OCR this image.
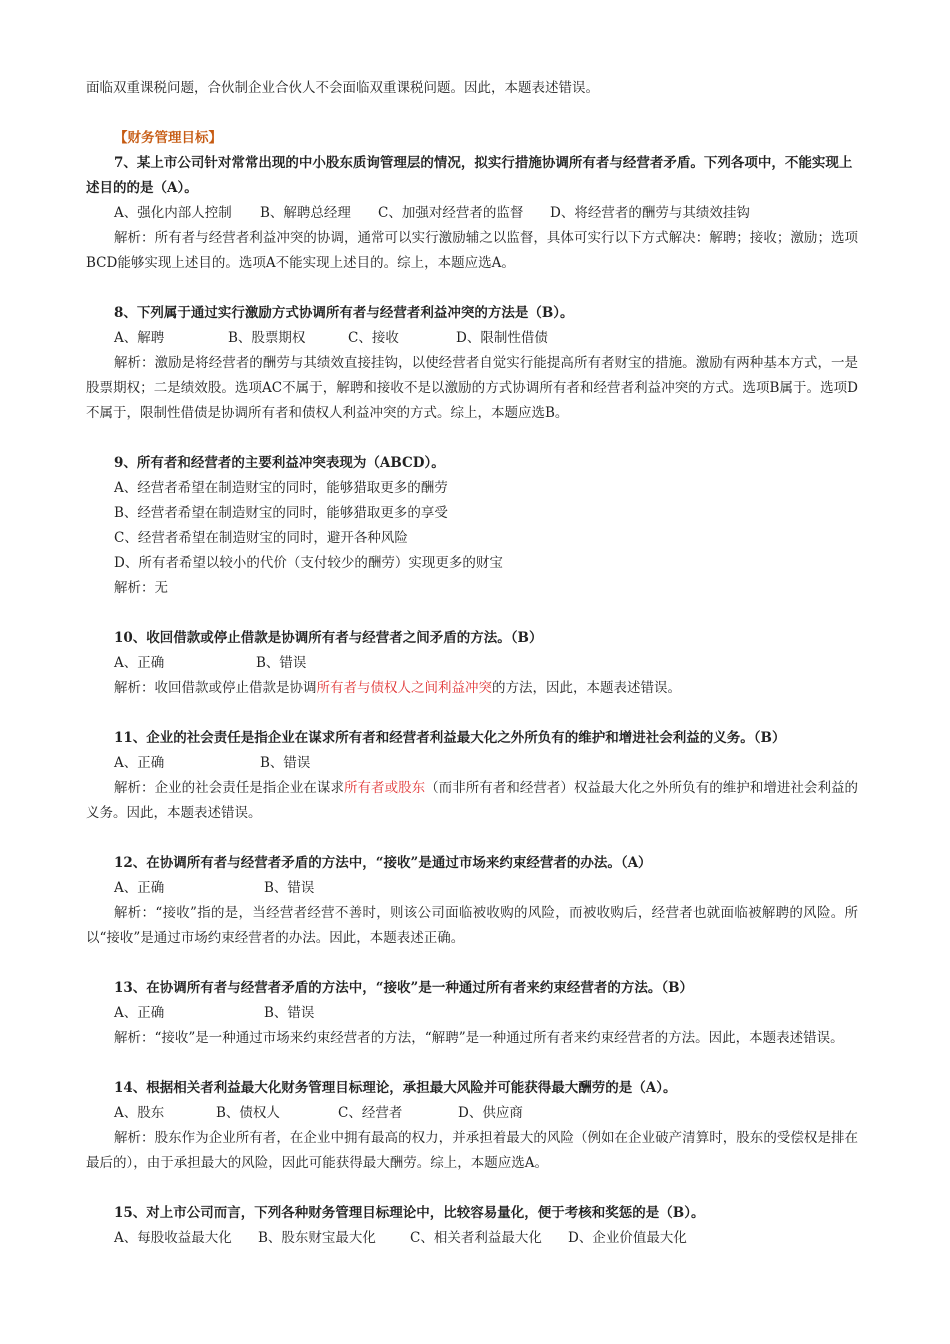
面临双重课税问题，合伙制企业合伙人不会面临双重课税问题。因此，本题表述错误。

【财务管理目标】

7、某上市公司针对常常出现的中小股东质询管理层的情况，拟实行措施协调所有者与经营者矛盾。下列各项中，不能实现上述目的的是（A）。

A、强化内部人控制 B、解聘总经理 C、加强对经营者的监督 D、将经营者的酬劳与其绩效挂钩

解析：所有者与经营者利益冲突的协调，通常可以实行激励辅之以监督，具体可实行以下方式解决：解聘；接收；激励；选项BCD能够实现上述目的。选项A不能实现上述目的。综上，本题应选A。

8、下列属于通过实行激励方式协调所有者与经营者利益冲突的方法是（B）。

A、解聘	B、股票期权	C、接收	D、限制性借债

解析：激励是将经营者的酬劳与其绩效直接挂钩，以使经营者自觉实行能提高所有者财宝的措施。激励有两种基本方式，一是股票期权；二是绩效股。选项AC不属于，解聘和接收不是以激励的方式协调所有者和经营者利益冲突的方式。选项B属于。选项D不属于，限制性借债是协调所有者和债权人利益冲突的方式。综上，本题应选B。

9、所有者和经营者的主要利益冲突表现为（ABCD）。

A、经营者希望在制造财宝的同时，能够猎取更多的酬劳

B、经营者希望在制造财宝的同时，能够猎取更多的享受

C、经营者希望在制造财宝的同时，避开各种风险

D、所有者希望以较小的代价（支付较少的酬劳）实现更多的财宝

解析：无

10、收回借款或停止借款是协调所有者与经营者之间矛盾的方法。（B）

A、正确	B、错误

解析：收回借款或停止借款是协调所有者与债权人之间利益冲突的方法，因此，本题表述错误。

11、企业的社会责任是指企业在谋求所有者和经营者利益最大化之外所负有的维护和增进社会利益的义务。（B）

A、正确	B、错误

解析：企业的社会责任是指企业在谋求所有者或股东（而非所有者和经营者）权益最大化之外所负有的维护和增进社会利益的义务。因此，本题表述错误。

12、在协调所有者与经营者矛盾的方法中，“接收”是通过市场来约束经营者的办法。（A）

A、正确	B、错误

解析：“接收”指的是，当经营者经营不善时，则该公司面临被收购的风险，而被收购后，经营者也就面临被解聘的风险。所以“接收”是通过市场约束经营者的办法。因此，本题表述正确。

13、在协调所有者与经营者矛盾的方法中，“接收”是一种通过所有者来约束经营者的方法。（B）

A、正确	B、错误

解析：“接收”是一种通过市场来约束经营者的方法，“解聘”是一种通过所有者来约束经营者的方法。因此，本题表述错误。

14、根据相关者利益最大化财务管理目标理论，承担最大风险并可能获得最大酬劳的是（A）。

A、股东	B、债权人	C、经营者	D、供应商

解析：股东作为企业所有者，在企业中拥有最高的权力，并承担着最大的风险（例如在企业破产清算时，股东的受偿权是排在最后的），由于承担最大的风险，因此可能获得最大酬劳。综上，本题应选A。

15、对上市公司而言，下列各种财务管理目标理论中，比较容易量化，便于考核和奖惩的是（B）。

A、每股收益最大化 B、股东财宝最大化	C、相关者利益最大化 D、企业价值最大化
